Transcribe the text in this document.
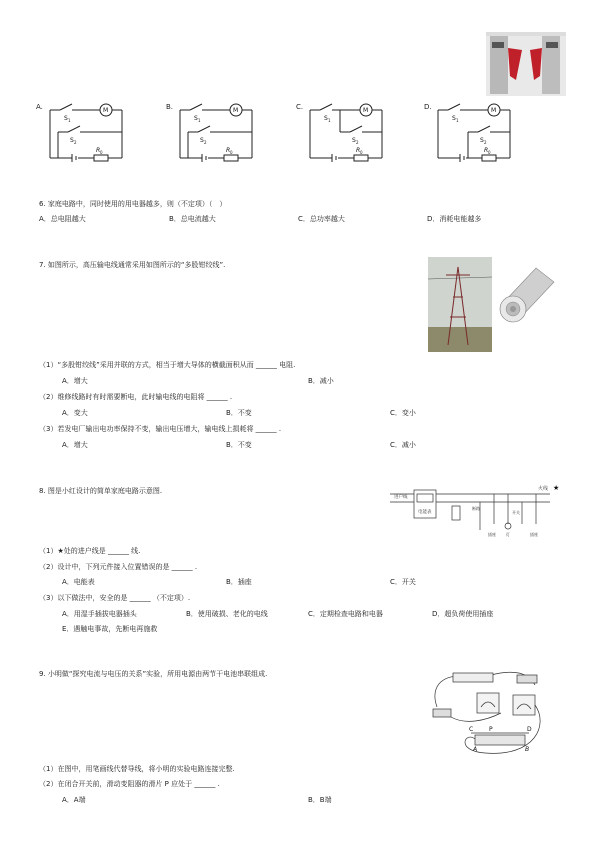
S 1
S 2
M
R 0
A.
S 1
S 2
M
R 0
B.
S 1
S 2
M
R 0
C.
S 1
S 2
M
R 0
D.
6. 家庭电路中，同时使用的用电器越多，则（不定项）（　）
A．总电阻越大	B．总电流越大	C．总功率越大	D．消耗电能越多
7. 如图所示，高压输电线通常采用如图所示的“多股钳绞线”.
（1）“多股钳绞线”采用并联的方式，相当于增大导体的横截面积从而 ______ 电阻.
A．增大	B．减小
（2）维修线路时有时需要断电，此时输电线的电阻将 ______ .
A．变大	B．不变	C．变小
（3）若发电厂输出电功率保持不变，输出电压增大，输电线上损耗将 ______ .
A．增大	B．不变	C．减小
8. 图是小红设计的简单家庭电路示意图.
进户线
电能表
火线 ★
断路
开关
插座	灯	插座
（1）★处的进户线是 ______ 线.
（2）设计中，下列元件接入位置错误的是 ______ .
A．电能表	B．插座	C．开关
（3）以下做法中，安全的是 ______ （不定项）.
A．用湿手插拔电器插头	B．使用破损、老化的电线	C．定期检查电路和电器	D．超负荷使用插座
E．遇触电事故，先断电再施救
9. 小明做“探究电流与电压的关系”实验，所用电源由两节干电池串联组成.
P
A	B
C	D
（1）在图中，用笔画线代替导线，将小明的实验电路连接完整.
（2）在闭合开关前，滑动变阻器的滑片 P 应处于 ______ .
A．A端	B．B端
